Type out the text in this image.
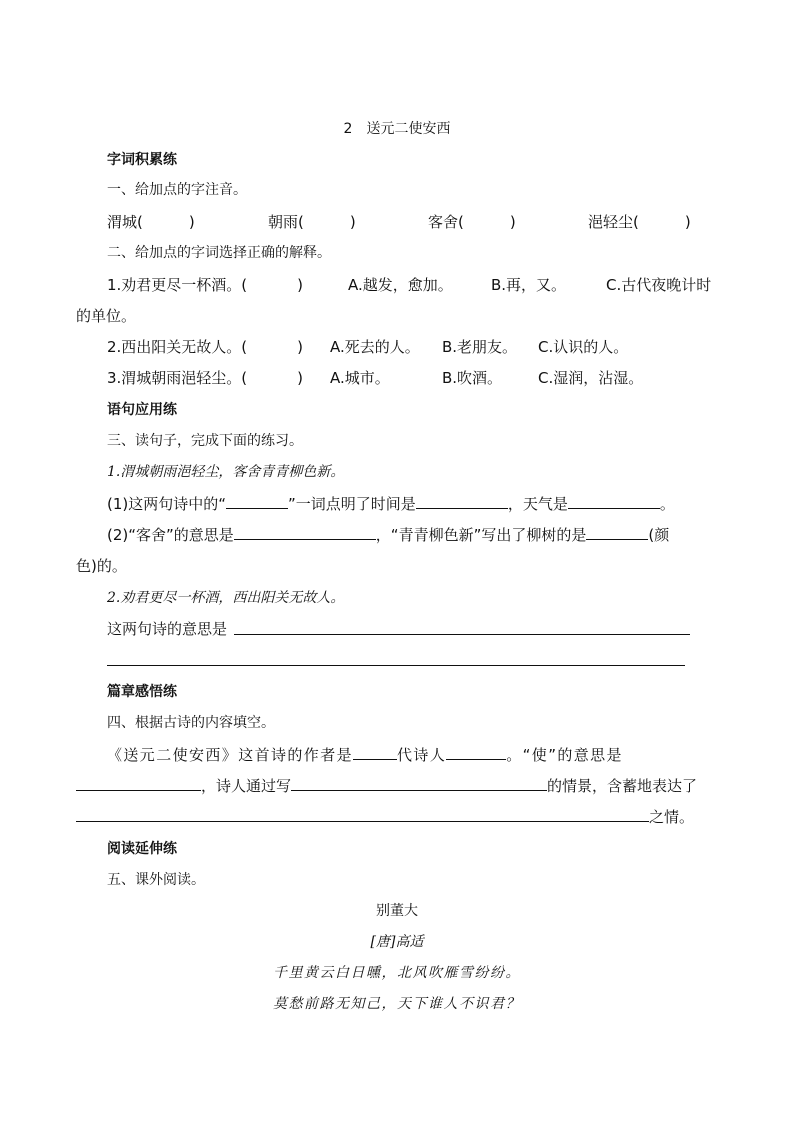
2　送元二使安西
字词积累练
一、给加点的字注音。
渭城(	)	朝雨(	)	客舍(	)	浥轻尘(	)
二、给加点的字词选择正确的解释。
1.劝君更尽一杯酒。(	)	A.越发，愈加。	B.再，又。	C.古代夜晚计时
的单位。
2.西出阳关无故人。(	) A.死去的人。 B.老朋友。 C.认识的人。
3.渭城朝雨浥轻尘。(	) A.城市。	B.吹酒。 C.湿润，沾湿。
语句应用练
三、读句子，完成下面的练习。
1.渭城朝雨浥轻尘，客舍青青柳色新。
(1)这两句诗中的“	”一词点明了时间是	，天气是	。
(2)“客舍”的意思是	，“青青柳色新”写出了柳树的是	(颜
色)的。
2.劝君更尽一杯酒，西出阳关无故人。
这两句诗的意思是
篇章感悟练
四、根据古诗的内容填空。
《送元二使安西》这首诗的作者是	代诗人	。“使”的意思是
，诗人通过写	的情景，含蓄地表达了
之情。
阅读延伸练
五、课外阅读。
别董大
[唐]高适
千里黄云白日曛，北风吹雁雪纷纷。
莫愁前路无知己，天下谁人不识君？
